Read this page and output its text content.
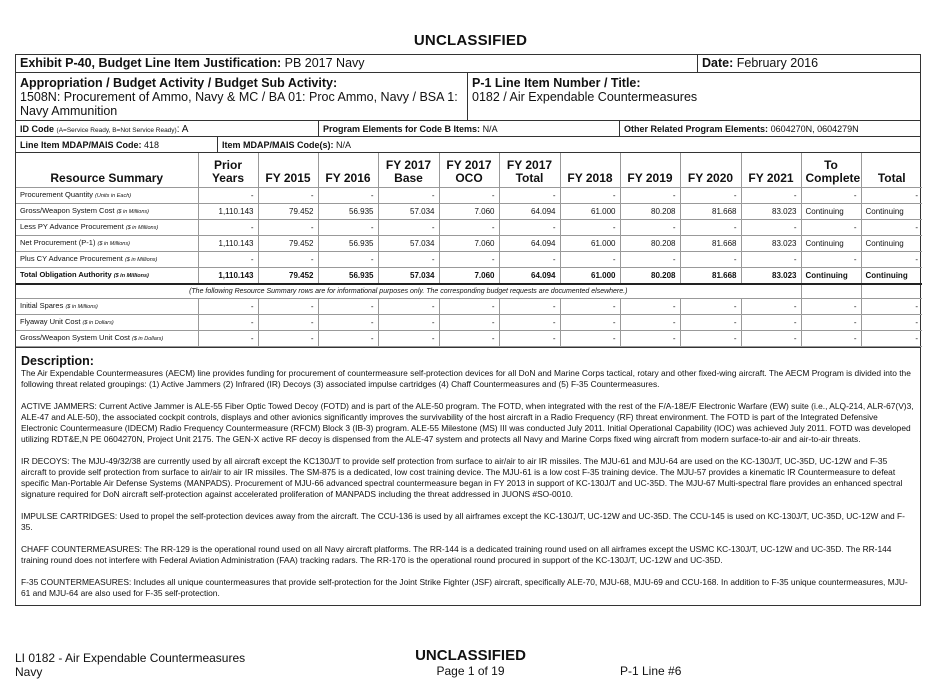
UNCLASSIFIED
Exhibit P-40, Budget Line Item Justification: PB 2017 Navy	Date: February 2016
Appropriation / Budget Activity / Budget Sub Activity:
1508N: Procurement of Ammo, Navy & MC / BA 01: Proc Ammo, Navy / BSA 1: Navy Ammunition
P-1 Line Item Number / Title:
0182 / Air Expendable Countermeasures
ID Code (A=Service Ready, B=Not Service Ready): A	Program Elements for Code B Items: N/A	Other Related Program Elements: 0604270N, 0604279N
Line Item MDAP/MAIS Code: 418	Item MDAP/MAIS Code(s): N/A
Resource Summary	Prior Years	FY 2015	FY 2016	FY 2017 Base	FY 2017 OCO	FY 2017 Total	FY 2018	FY 2019	FY 2020	FY 2021	To Complete	Total
Procurement Quantity (Units in Each)	-	-	-	-	-	-	-	-	-	-	-	-
Gross/Weapon System Cost ($ in Millions)	1,110.143	79.452	56.935	57.034	7.060	64.094	61.000	80.208	81.668	83.023	Continuing	Continuing
Less PY Advance Procurement ($ in Millions)	-	-	-	-	-	-	-	-	-	-	-	-
Net Procurement (P-1) ($ in Millions)	1,110.143	79.452	56.935	57.034	7.060	64.094	61.000	80.208	81.668	83.023	Continuing	Continuing
Plus CY Advance Procurement ($ in Millions)	-	-	-	-	-	-	-	-	-	-	-	-
Total Obligation Authority ($ in Millions)	1,110.143	79.452	56.935	57.034	7.060	64.094	61.000	80.208	81.668	83.023	Continuing	Continuing
(The following Resource Summary rows are for informational purposes only. The corresponding budget requests are documented elsewhere.)												
Initial Spares ($ in Millions)	-	-	-	-	-	-	-	-	-	-	-	-
Flyaway Unit Cost ($ in Dollars)	-	-	-	-	-	-	-	-	-	-	-	-
Gross/Weapon System Unit Cost ($ in Dollars)	-	-	-	-	-	-	-	-	-	-	-	-
Description:

The Air Expendable Countermeasures (AECM) line provides funding for procurement of countermeasure self-protection devices for all DoN and Marine Corps tactical, rotary and other fixed-wing aircraft. The AECM Program is divided into the following threat related groupings: (1) Active Jammers (2) Infrared (IR) Decoys (3) associated impulse cartridges (4) Chaff Countermeasures and (5) F-35 Countermeasures.

ACTIVE JAMMERS: Current Active Jammer is ALE-55 Fiber Optic Towed Decoy (FOTD) and is part of the ALE-50 program. The FOTD, when integrated with the rest of the F/A-18E/F Electronic Warfare (EW) suite (i.e., ALQ-214, ALR-67(V)3, ALE-47 and ALE-50), the associated cockpit controls, displays and other avionics significantly improves the survivability of the host aircraft in a Radio Frequency (RF) threat environment. The FOTD is part of the Integrated Defensive Electronic Countermeasure (IDECM) Radio Frequency Countermeasure (RFCM) Block 3 (IB-3) program. ALE-55 Milestone (MS) III was conducted July 2011. Initial Operational Capability (IOC) was achieved July 2011. FOTD was developed utilizing RDT&E,N PE 0604270N, Project Unit 2175. The GEN-X active RF decoy is dispensed from the ALE-47 system and protects all Navy and Marine Corps fixed wing aircraft from modern surface-to-air and air-to-air threats.

IR DECOYS: The MJU-49/32/38 are currently used by all aircraft except the KC130J/T to provide self protection from surface to air/air to air IR missiles. The MJU-61 and MJU-64 are used on the KC-130J/T, UC-35D, UC-12W and F-35 aircraft to provide self protection from surface to air/air to air IR missiles. The SM-875 is a dedicated, low cost training device. The MJU-61 is a low cost F-35 training device. The MJU-57 provides a kinematic IR Countermeasure to defeat specific Man-Portable Air Defense Systems (MANPADS). Procurement of MJU-66 advanced spectral countermeasure began in FY 2013 in support of KC-130J/T and UC-35D. The MJU-67 Multi-spectral flare provides an enhanced spectral signature required for DoN aircraft self-protection against accelerated proliferation of MANPADS including the threat addressed in JUONS #SO-0010.

IMPULSE CARTRIDGES: Used to propel the self-protection devices away from the aircraft. The CCU-136 is used by all airframes except the KC-130J/T, UC-12W and UC-35D. The CCU-145 is used on KC-130J/T, UC-35D, UC-12W and F-35.

CHAFF COUNTERMEASURES: The RR-129 is the operational round used on all Navy aircraft platforms. The RR-144 is a dedicated training round used on all airframes except the USMC KC-130J/T, UC-12W and UC-35D. The RR-144 training round does not interfere with Federal Aviation Administration (FAA) tracking radars. The RR-170 is the operational round procured in support of the KC-130J/T, UC-12W and UC-35D.

F-35 COUNTERMEASURES: Includes all unique countermeasures that provide self-protection for the Joint Strike Fighter (JSF) aircraft, specifically ALE-70, MJU-68, MJU-69 and CCU-168. In addition to F-35 unique countermeasures, MJU-61 and MJU-64 are also used for F-35 self-protection.

LI 0182 - Air Expendable Countermeasures
Navy
UNCLASSIFIED
Page 1 of 19	P-1 Line #6
